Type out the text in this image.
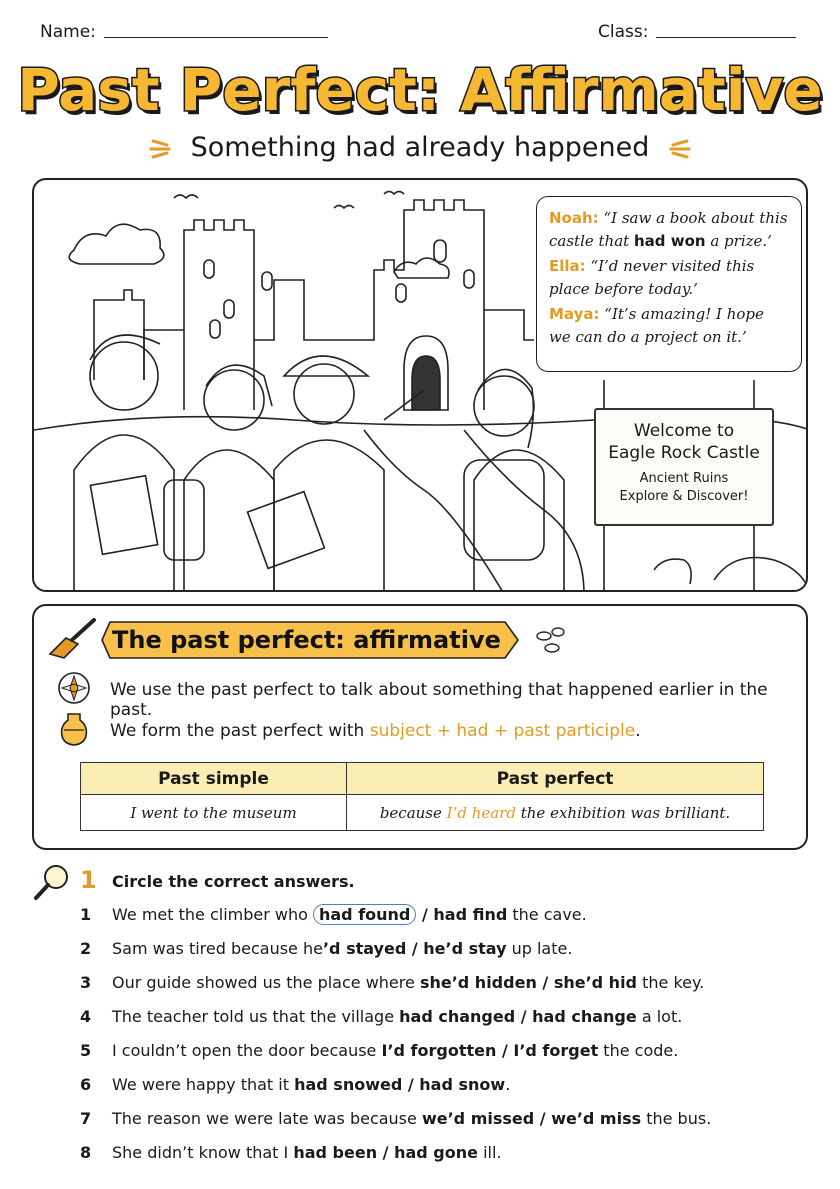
Name:	Class:
Past Perfect: Affirmative
Something had already happened

Noah: “I saw a book about this castle that had won a prize.’

Ella: “I’d never visited this place before today.’

Maya: “It’s amazing! I hope we can do a project on it.’

Welcome to
Eagle Rock Castle
Ancient Ruins
Explore & Discover!
The past perfect: affirmative
We use the past perfect to talk about something that happened earlier in the past.
We form the past perfect with subject + had + past participle.
Past simple	Past perfect
I went to the museum	because I’d heard the exhibition was brilliant.
1 Circle the correct answers.
1 We met the climber who had found / had find the cave.
2 Sam was tired because he’d stayed / he’d stay up late.
3 Our guide showed us the place where she’d hidden / she’d hid the key.
4 The teacher told us that the village had changed / had change a lot.
5 I couldn’t open the door because I’d forgotten / I’d forget the code.
6 We were happy that it had snowed / had snow.
7 The reason we were late was because we’d missed / we’d miss the bus.
8 She didn’t know that I had been / had gone ill.
